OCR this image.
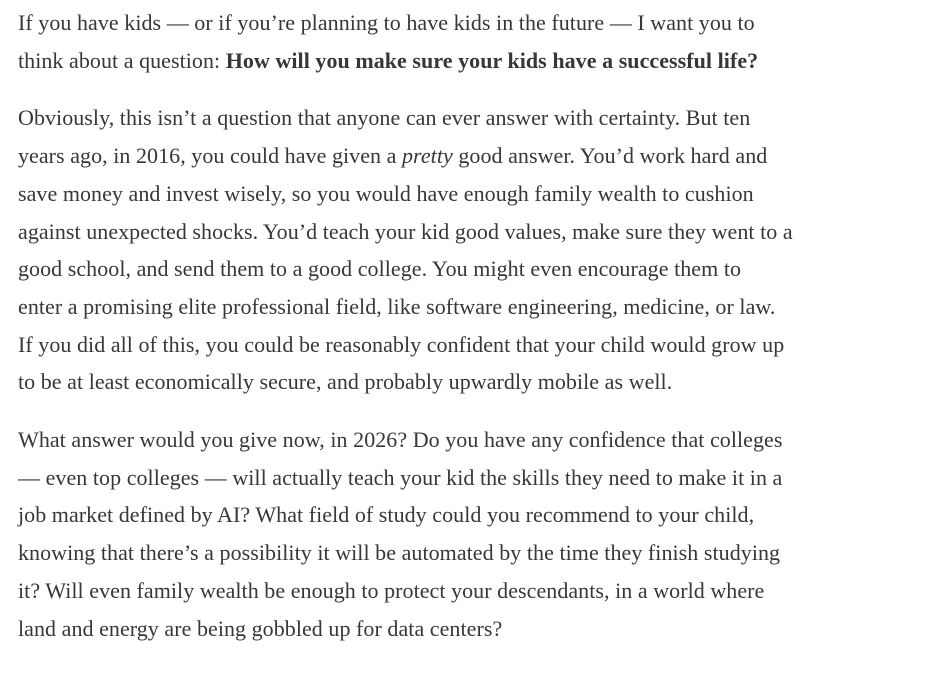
If you have kids — or if you’re planning to have kids in the future — I want you to
think about a question: How will you make sure your kids have a successful life?

Obviously, this isn’t a question that anyone can ever answer with certainty. But ten
years ago, in 2016, you could have given a pretty good answer. You’d work hard and
save money and invest wisely, so you would have enough family wealth to cushion
against unexpected shocks. You’d teach your kid good values, make sure they went to a
good school, and send them to a good college. You might even encourage them to
enter a promising elite professional field, like software engineering, medicine, or law.
If you did all of this, you could be reasonably confident that your child would grow up
to be at least economically secure, and probably upwardly mobile as well.

What answer would you give now, in 2026? Do you have any confidence that colleges
— even top colleges — will actually teach your kid the skills they need to make it in a
job market defined by AI? What field of study could you recommend to your child,
knowing that there’s a possibility it will be automated by the time they finish studying
it? Will even family wealth be enough to protect your descendants, in a world where
land and energy are being gobbled up for data centers?
